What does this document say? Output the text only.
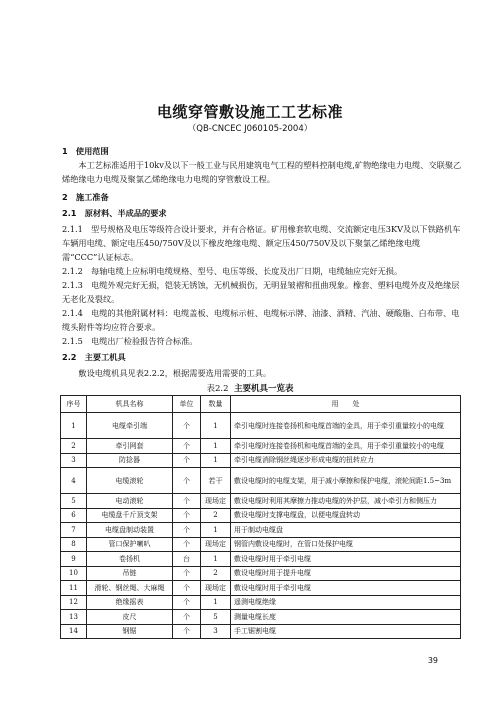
电缆穿管敷设施工工艺标准
（QB-CNCEC J060105-2004）
1　使用范围
本工艺标准适用于10kv及以下一般工业与民用建筑电气工程的塑料控制电缆,矿物绝缘电力电缆、交联聚乙烯绝缘电力电缆及聚氯乙烯绝缘电力电缆的穿管敷设工程。
2　施工准备
2.1　原材料、半成品的要求
2.1.1　型号规格及电压等级符合设计要求，并有合格证。矿用橡套软电缆、交流额定电压3KV及以下铁路机车车辆用电缆、额定电压450/750V及以下橡皮绝缘电缆、额定压450/750V及以下聚氯乙烯绝缘电缆需“CCC”认证标志。
2.1.2　每轴电缆上应标明电缆规格、型号、电压等级、长度及出厂日期，电缆轴应完好无损。
2.1.3　电缆外观完好无损，铠装无锈蚀，无机械损伤，无明显皱褶和扭曲现象。橡套、塑料电缆外皮及绝缘层无老化及裂纹。
2.1.4　电缆的其他附属材料：电缆盖板、电缆标示桩、电缆标示牌、油漆、酒精、汽油、硬酸脂、白布带、电缆头附件等均应符合要求。
2.1.5　电缆出厂检验报告符合标准。
2.2　主要工机具
敷设电缆机具见表2.2.2，根据需要选用需要的工具。
表2.2 主要机具一览表
序号	机具名称	单位	数量	用　　处
1	电缆牵引端	个	1	牵引电缆时连接卷扬机和电缆首端的金具，用于牵引重量较小的电缆
2	牵引网套	个	1	牵引电缆时连接卷扬机和电缆首端的金具，用于牵引重量较小的电缆
3	防捻器	个	1	牵引电缆消除钢丝绳逐步形成电缆的扭转应力
4	电缆滚轮	个	若干	敷设电缆时的电缆支架，用于减小摩擦和保护电缆，滚轮间距1.5~3m
5	电动滚轮	个	现场定	敷设电缆时利用其摩擦力推动电缆的外护层，减小牵引力和侧压力
6	电缆盘千斤顶支架	个	2	敷设电缆时支撑电缆盘，以便电缆盘转动
7	电缆盘制动装置	个	1	用于制动电缆盘
8	管口保护喇叭	个	现场定	钢管内敷设电缆时，在管口处保护电缆
9	卷扬机	台	1	敷设电缆时用于牵引电缆
10	吊链	个	2	敷设电缆时用于提升电缆
11	滑轮、钢丝绳、大麻绳	个	现场定	敷设电缆时用于牵引电缆
12	绝缘摇表	个	1	遥测电缆绝缘
13	皮尺	个	5	测量电缆长度
14	钢锯	个	3	手工锯割电缆
39
